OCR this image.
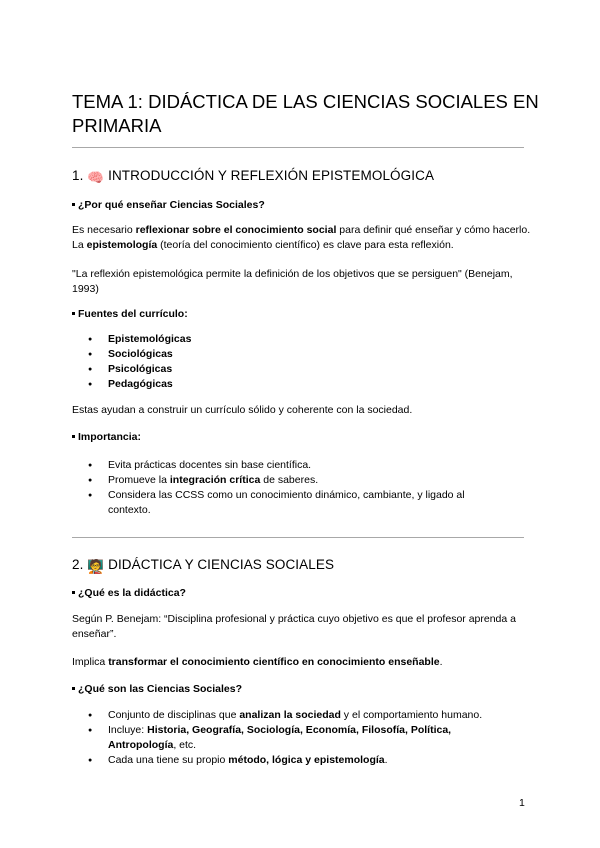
TEMA 1: DIDÁCTICA DE LAS CIENCIAS SOCIALES EN PRIMARIA
1. 🧠 INTRODUCCIÓN Y REFLEXIÓN EPISTEMOLÓGICA

¿Por qué enseñar Ciencias Sociales?

Es necesario reflexionar sobre el conocimiento social para definir qué enseñar y cómo hacerlo. La epistemología (teoría del conocimiento científico) es clave para esta reflexión.

"La reflexión epistemológica permite la definición de los objetivos que se persiguen" (Benejam, 1993)

Fuentes del currículo:

● Epistemológicas
● Sociológicas
● Psicológicas
● Pedagógicas

Estas ayudan a construir un currículo sólido y coherente con la sociedad.

Importancia:

● Evita prácticas docentes sin base científica.
● Promueve la integración crítica de saberes.
● Considera las CCSS como un conocimiento dinámico, cambiante, y ligado al contexto.
2. 🧑‍🏫 DIDÁCTICA Y CIENCIAS SOCIALES

¿Qué es la didáctica?

Según P. Benejam: “Disciplina profesional y práctica cuyo objetivo es que el profesor aprenda a enseñar”.

Implica transformar el conocimiento científico en conocimiento enseñable.

¿Qué son las Ciencias Sociales?

● Conjunto de disciplinas que analizan la sociedad y el comportamiento humano.
● Incluye: Historia, Geografía, Sociología, Economía, Filosofía, Política, Antropología, etc.
● Cada una tiene su propio método, lógica y epistemología.
1
